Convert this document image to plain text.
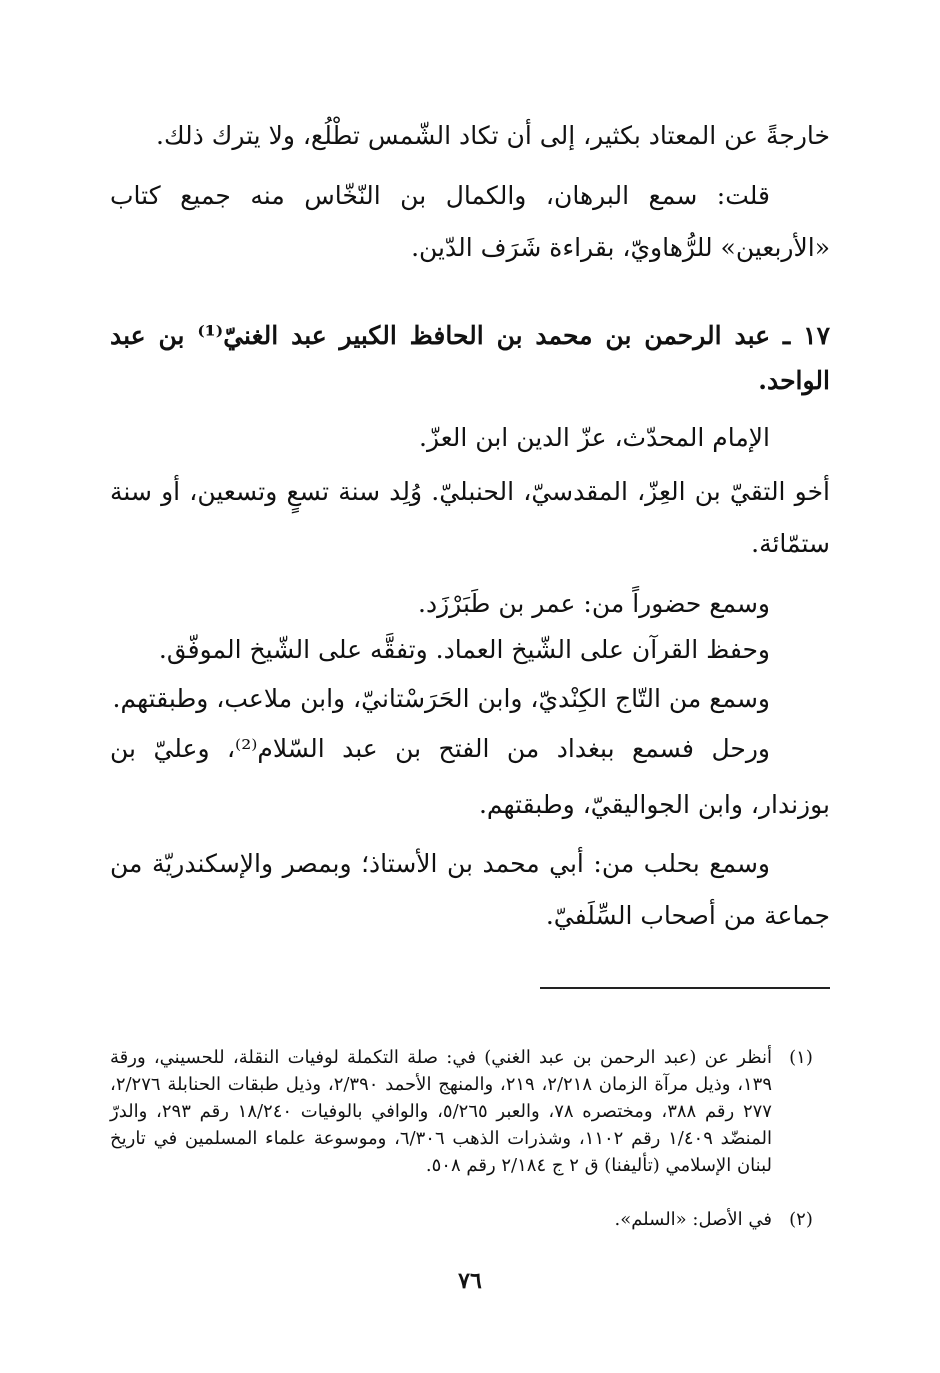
خارجةً عن المعتاد بكثير، إلى أن تكاد الشّمس تطْلُع، ولا يترك ذلك.

قلت: سمع البرهان، والكمال بن النّخّاس منه جميع كتاب «الأربعين» للرُّهاويّ، بقراءة شَرَف الدّين.

١٧ ـ عبد الرحمن بن محمد بن الحافظ الكبير عبد الغنيّ⁽¹⁾ بن عبد الواحد.

الإمام المحدّث، عزّ الدين ابن العزّ.

أخو التقيّ بن العِزّ، المقدسيّ، الحنبليّ. وُلِد سنة تسعٍ وتسعين، أو سنة ستمّائة.

وسمع حضوراً من: عمر بن طَبَرْزَد.

وحفظ القرآن على الشّيخ العماد. وتفقَّه على الشّيخ الموفّق.

وسمع من التّاج الكِنْديّ، وابن الحَرَسْتانيّ، وابن ملاعب، وطبقتهم.

ورحل فسمع ببغداد من الفتح بن عبد السّلام⁽²⁾، وعليّ بن بوزندار، وابن الجواليقيّ، وطبقتهم.

وسمع بحلب من: أبي محمد بن الأستاذ؛ وبمصر والإسكندريّة من جماعة من أصحاب السِّلَفيّ.

(١)
أنظر عن (عبد الرحمن بن عبد الغني) في: صلة التكملة لوفيات النقلة، للحسيني، ورقة ١٣٩، وذيل مرآة الزمان ٢/٢١٨، ٢١٩، والمنهج الأحمد ٢/٣٩٠، وذيل طبقات الحنابلة ٢/٢٧٦، ٢٧٧ رقم ٣٨٨، ومختصره ٧٨، والعبر ٥/٢٦٥، والوافي بالوفيات ١٨/٢٤٠ رقم ٢٩٣، والدرّ المنضّد ١/٤٠٩ رقم ١١٠٢، وشذرات الذهب ٦/٣٠٦، وموسوعة علماء المسلمين في تاريخ لبنان الإسلامي (تأليفنا) ق ٢ ج ٢/١٨٤ رقم ٥٠٨.
(٢)
في الأصل: «السلم».
٧٦
